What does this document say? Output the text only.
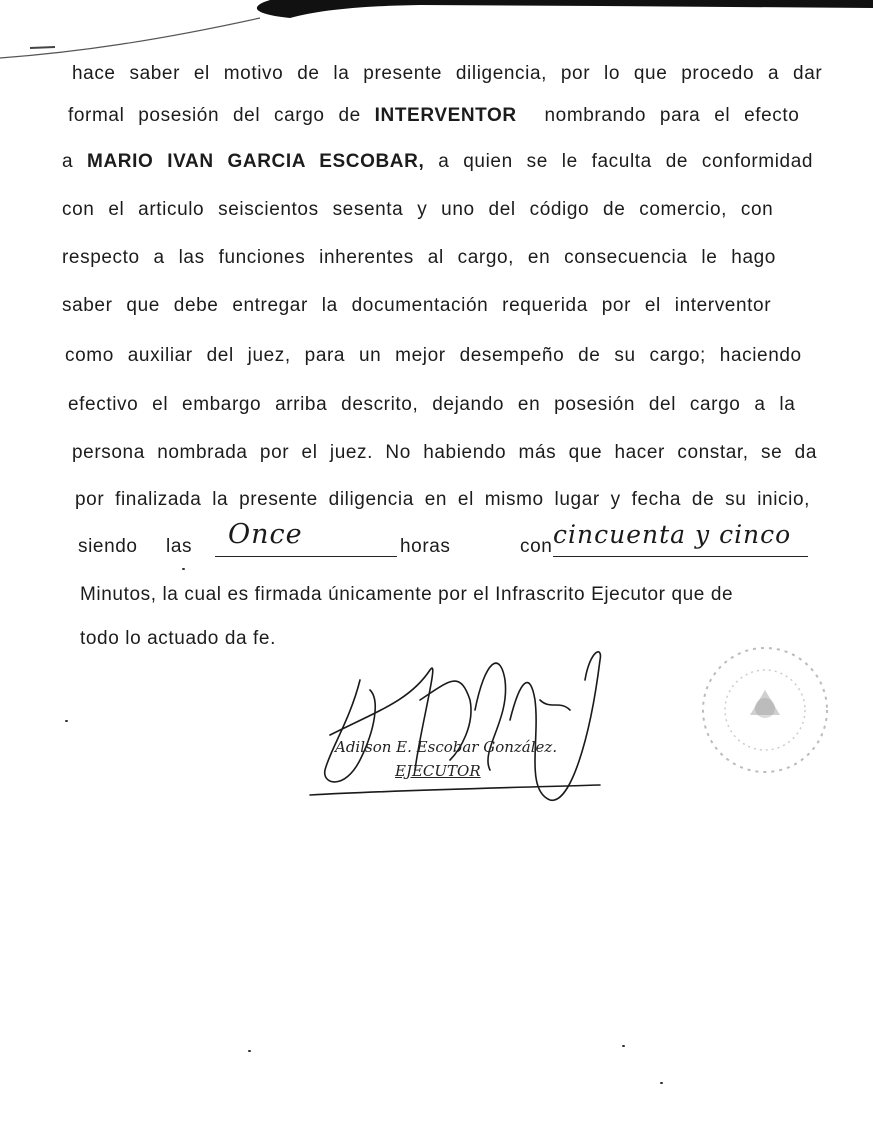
hace saber el motivo de la presente diligencia, por lo que procedo a dar
formal posesión del cargo de INTERVENTOR  nombrando para el efecto
a MARIO IVAN GARCIA ESCOBAR, a quien se le faculta de conformidad
con el articulo seiscientos sesenta y uno del código de comercio, con
respecto a las funciones inherentes al cargo, en consecuencia le hago
saber que debe entregar la documentación requerida por el interventor
como auxiliar del juez, para un mejor desempeño de su cargo; haciendo
efectivo el embargo arriba descrito, dejando en posesión del cargo a la
persona nombrada por el juez. No habiendo más que hacer constar, se da
por finalizada la presente diligencia en el mismo lugar y fecha de su inicio,
siendo las Once	horas	con cincuenta y cinco
Minutos, la cual es firmada únicamente por el Infrascrito Ejecutor que de
todo lo actuado da fe.
Adilson E. Escobar González.
EJECUTOR
